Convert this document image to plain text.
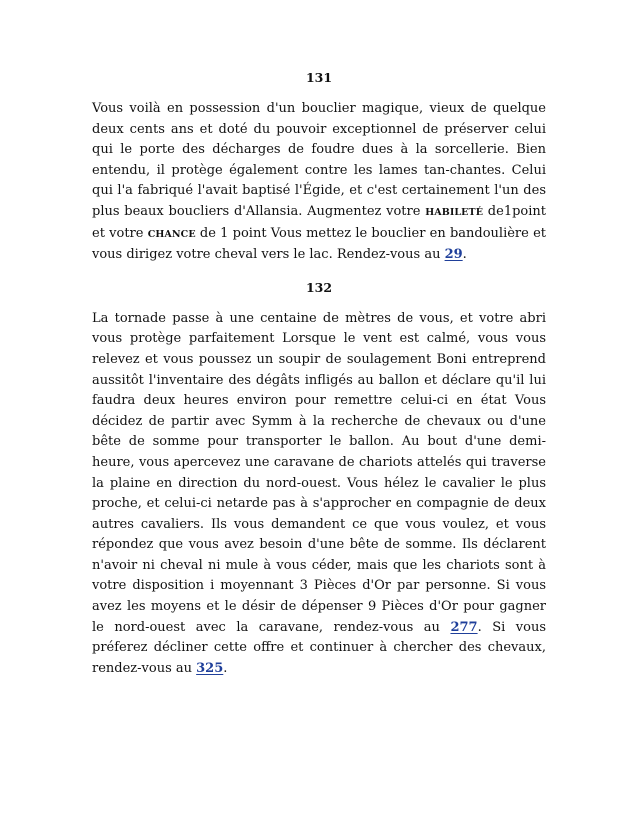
131

Vous voilà en possession d'un bouclier magique, vieux de quelque deux cents ans et doté du pouvoir exceptionnel de préserver celui qui le porte des décharges de foudre dues à la sorcellerie. Bien entendu, il protège également contre les lames tan-chantes. Celui qui l'a fabriqué l'avait baptisé l'Égide, et c'est certainement l'un des plus beaux boucliers d'Allansia. Augmentez votre HABILETÉ de1point et votre CHANCE de 1 point Vous mettez le bouclier en bandoulière et vous dirigez votre cheval vers le lac. Rendez-vous au 29.

132

La tornade passe à une centaine de mètres de vous, et votre abri vous protège parfaitement Lorsque le vent est calmé, vous vous relevez et vous poussez un soupir de soulagement Boni entreprend aussitôt l'inventaire des dégâts infligés au ballon et déclare qu'il lui faudra deux heures environ pour remettre celui-ci en état Vous décidez de partir avec Symm à la recherche de chevaux ou d'une bête de somme pour transporter le ballon. Au bout d'une demi-heure, vous apercevez une caravane de chariots attelés qui traverse la plaine en direction du nord-ouest. Vous hélez le cavalier le plus proche, et celui-ci netarde pas à s'approcher en compagnie de deux autres cavaliers. Ils vous demandent ce que vous voulez, et vous répondez que vous avez besoin d'une bête de somme. Ils déclarent n'avoir ni cheval ni mule à vous céder, mais que les chariots sont à votre disposition i moyennant 3 Pièces d'Or par personne. Si vous avez les moyens et le désir de dépenser 9 Pièces d'Or pour gagner le nord-ouest avec la caravane, rendez-vous au 277. Si vous préferez décliner cette offre et continuer à chercher des chevaux, rendez-vous au 325.
